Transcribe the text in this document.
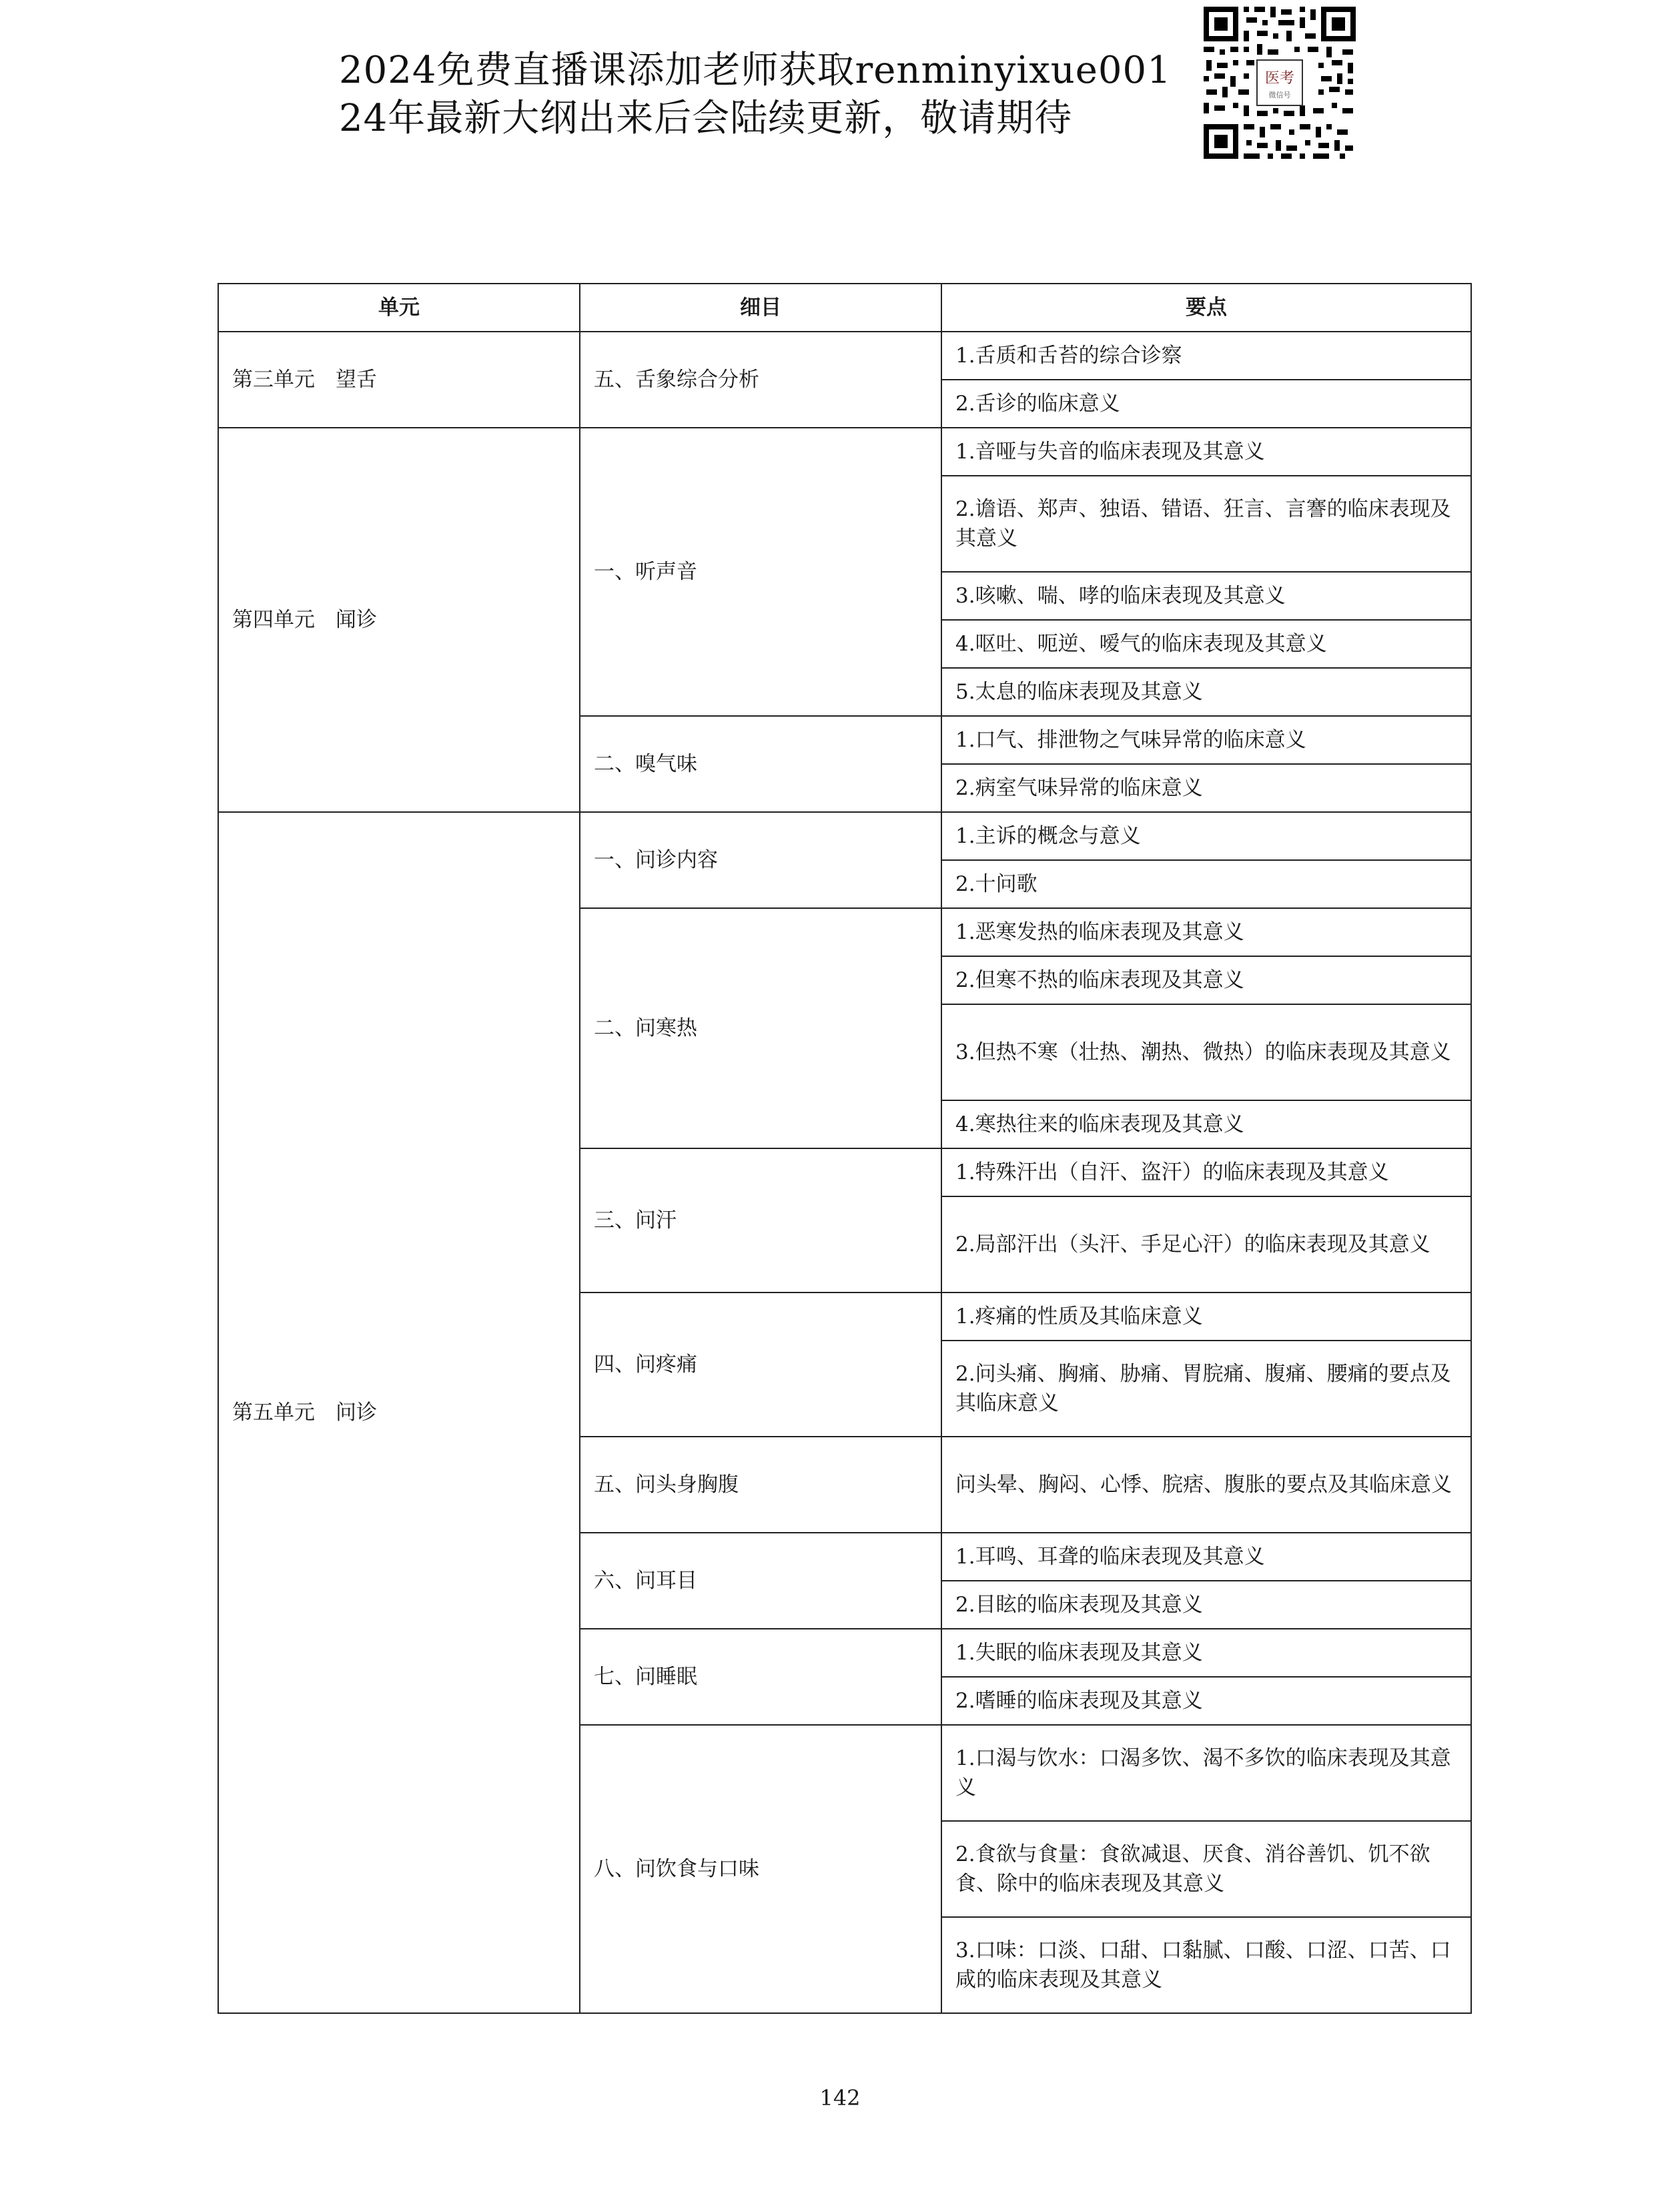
2024免费直播课添加老师获取renminyixue001
24年最新大纲出来后会陆续更新，敬请期待
医考
微信号
单元	细目	要点
第三单元　望舌	五、舌象综合分析	1.舌质和舌苔的综合诊察
		2.舌诊的临床意义
第四单元　闻诊	一、听声音	1.音哑与失音的临床表现及其意义
		2.谵语、郑声、独语、错语、狂言、言謇的临床表现及其意义
		3.咳嗽、喘、哮的临床表现及其意义
		4.呕吐、呃逆、嗳气的临床表现及其意义
		5.太息的临床表现及其意义
	二、嗅气味	1.口气、排泄物之气味异常的临床意义
		2.病室气味异常的临床意义
第五单元　问诊	一、问诊内容	1.主诉的概念与意义
		2.十问歌
	二、问寒热	1.恶寒发热的临床表现及其意义
		2.但寒不热的临床表现及其意义
		3.但热不寒（壮热、潮热、微热）的临床表现及其意义
		4.寒热往来的临床表现及其意义
	三、问汗	1.特殊汗出（自汗、盗汗）的临床表现及其意义
		2.局部汗出（头汗、手足心汗）的临床表现及其意义
	四、问疼痛	1.疼痛的性质及其临床意义
		2.问头痛、胸痛、胁痛、胃脘痛、腹痛、腰痛的要点及其临床意义
	五、问头身胸腹	问头晕、胸闷、心悸、脘痞、腹胀的要点及其临床意义
	六、问耳目	1.耳鸣、耳聋的临床表现及其意义
		2.目眩的临床表现及其意义
	七、问睡眠	1.失眠的临床表现及其意义
		2.嗜睡的临床表现及其意义
	八、问饮食与口味	1.口渴与饮水：口渴多饮、渴不多饮的临床表现及其意义
		2.食欲与食量：食欲减退、厌食、消谷善饥、饥不欲食、除中的临床表现及其意义
		3.口味：口淡、口甜、口黏腻、口酸、口涩、口苦、口咸的临床表现及其意义
142
